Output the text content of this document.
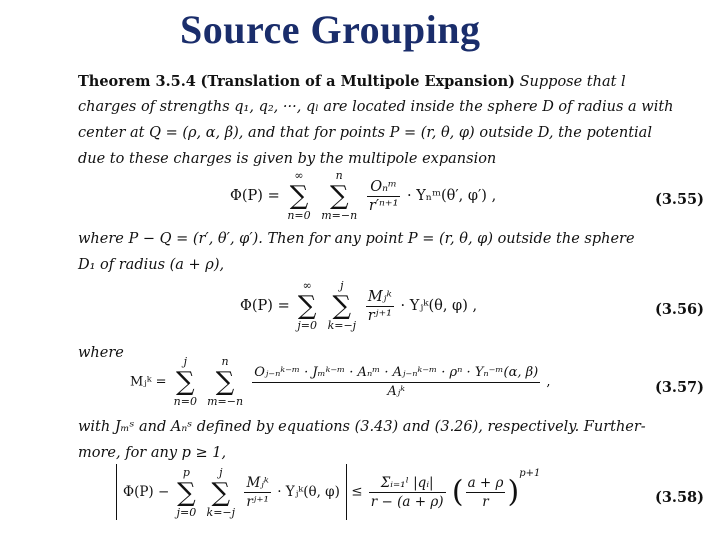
Source Grouping
Theorem 3.5.4 (Translation of a Multipole Expansion) Suppose that l
charges of strengths q₁, q₂, ···, qₗ are located inside the sphere D of radius a with
center at Q = (ρ, α, β), and that for points P = (r, θ, φ) outside D, the potential
due to these charges is given by the multipole expansion
Φ(P) =
∞
∑
n=0

n
∑
m=−n

$\frac{\text{Oₙᵐ}}{\text{r′ⁿ⁺¹}}$ · Yₙᵐ(θ′, φ′) ,	(3.55)
where P − Q = (r′, θ′, φ′). Then for any point P = (r, θ, φ) outside the sphere
D₁ of radius (a + ρ),
Φ(P) =
∞
∑
j=0

j
∑
k=−j

$\frac{\text{Mⱼᵏ}}{\text{rʲ⁺¹}}$ · Yⱼᵏ(θ, φ) ,	(3.56)
where
Mⱼᵏ =
j
∑
n=0

n
∑
m=−n

$\frac{\text{Oⱼ₋ₙᵏ⁻ᵐ · Jₘᵏ⁻ᵐ · Aₙᵐ · Aⱼ₋ₙᵏ⁻ᵐ · ρⁿ · Yₙ⁻ᵐ(α, β)}}{\text{Aⱼᵏ}}$ ,	(3.57)
with Jₘˢ and Aₙˢ defined by equations (3.43) and (3.26), respectively. Further-
more, for any p ≥ 1,
Φ(P) −
p
∑
j=0

j
∑
k=−j

$\frac{\text{Mⱼᵏ}}{\text{rʲ⁺¹}}$ · Yⱼᵏ(θ, $\varphi) \le \frac{\text{Σᵢ₌₁ˡ |qᵢ|}}{r - (a + \rho)}$ ( $\frac{a + \rho}{r} )^{p+1}$
(3.58)
